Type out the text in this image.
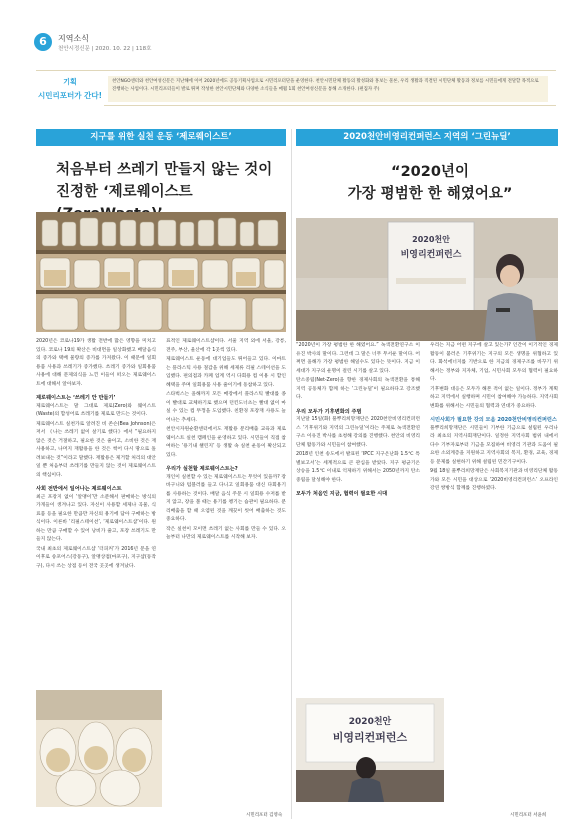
6	지역소식
천안시정신문 | 2020. 10. 22 | 118호
기획
시민리포터가 간다!
천안NGO센터와 천안여성신문은 지난해에 이어 2020년에도 공동기획사업으로 시민리포터단을 운영한다. 천안시민단체 활동의 활성화와 홍보는 물론, 우리 생활과 직결된 시민단체 활동과 정보를 시민들에게 전달할 목적으로 진행하는 사업이다. 시민리포터들이 발로 뛰며 작성한 천안시민단체와 다양한 소식들을 매월 1회 천안여성신문을 통해 소개한다. (편집자 주)
지구를 위한 실천 운동 ‘제로웨이스트’	2020천안비영리컨퍼런스 지역의 ‘그린뉴딜’
처음부터 쓰레기 만들지 않는 것이
진정한 ‘제로웨이스트
“2020년이
가장 평범한 한 해였어요”
2020천안
비영리컨퍼런스

2020년은 코로나19가 생활 전반에 많은 영향을 미치고 있다. 코로나 19의 확산은 비대면을 일상화했고 배달음식의 증가와 택배 물량의 증가를 가져왔다. 이 때문에 일회용품 사용과 쓰레기가 증가했다. 쓰레기 증가와 일회용품 사용에 대해 문제의식을 느낀 이들이 떠오는 제로웨이스트에 대해서 알아보자.

제로웨이스트는 ‘쓰레기 안 만들기’

제로웨이스트는 말 그대로 제로(Zero)와 웨이스트(Waste)의 합성어로 쓰레기를 제로로 만드는 것이다.

제로웨이스트 실천가로 알려진 비 존슨(Bea Johnson)은 저서 《나는 쓰레기 없이 살기로 했다》에서 “필요하지 않은 것은 거절하고, 필요한 것은 줄이고, 소비한 것은 재사용하고, 나머지 재활용을 한 것은 썩어 다시 땅으로 돌려보내는 것”이라고 말했다. 재활용은 제거할 처리의 대안일 뿐 처음부터 쓰레기를 만들지 않는 것이 제로웨이스트의 핵심이다.

사회 전반에서 일어나는 제로웨이스트

최근 포장지 없이 ‘알맹이’만 소분해서 판매하는 방식의 가게들이 생겨나고 있다. 자신이 사용할 세제나 곡물, 식료품 등을 필요한 만큼만 자신의 용기에 담아 구매하는 방식이다. 이른바 ‘리필스테이션’, ‘제로웨이스트샵’이다. 원하는 만큼 구매할 수 있어 낭비가 줄고, 포장 쓰레기도 만들지 않는다.

국내 최초의 제로웨이스트샵 ‘더피커’가 2016년 문을 연 이후로 송포어스(강동구), 알맹상점(마포구), 지구샵(동작구), 다시 쓰는 상점 등이 전국 곳곳에 생겨났다.

표적인 제로웨이스트샵이다. 서울 지역 외에 서울, 강릉, 전주, 부산, 울산에 각 1곳씩 있다.

제로웨이스트 운동에 대기업들도 뛰어들고 있다. 이마트는 플라스틱 사용 절감을 위해 세제류 리필 스테이션을 도입했다. 편의점과 카페 업계 역시 다회용 컵 이용 시 할인 혜택을 주며 일회용품 사용 줄이기에 동참하고 있다.

스타벅스는 올해까지 모든 매장에서 플라스틱 빨대를 종이 빨대로 교체하기로 했으며 던킨도너츠는 빨대 없이 마실 수 있는 컵 뚜껑을 도입했다. 친환경 포장재 사용도 늘어나는 추세다.

천안시자원순환센터에서도 재활용 분리배출 교육과 제로웨이스트 실천 캠페인을 운영하고 있다. 시민들이 직접 참여하는 ‘용기내 챌린지’ 등 생활 속 실천 운동이 확산되고 있다.

우리가 실천할 제로웨이스트는?

개인이 실천할 수 있는 제로웨이스트는 무엇이 있을까? 장바구니와 텀블러를 들고 다니고 일회용품 대신 다회용기를 사용하는 것이다. 배달 음식 주문 시 일회용 수저를 받지 않고, 장을 볼 때는 용기를 챙기는 습관이 필요하다. 분리배출을 할 때 오염된 것을 깨끗이 씻어 배출하는 것도 중요하다.

작은 실천이 모이면 쓰레기 없는 사회를 만들 수 있다. 오늘부터 나만의 제로웨이스트를 시작해 보자.

시민리포터 김영숙

“2020년이 가장 평범한 한 해였어요.” 녹색전환연구소 이유진 박사의 말이다. 그런데 그 말은 너무 무서운 말이다. 어쩌면 올해가 가장 평범한 해일수도 있다는 뜻이다. 지금 이 세대가 지구의 운명이 걸린 시기를 살고 있다.

탄소중립(Net-Zero)을 향한 경제사회의 녹색전환을 통해 지역 공동체가 함께 하는 ‘그린뉴딜’이 필요하다고 강조했다.

우리 모두가 기후변화의 주범

지난달 15일(화) 풀뿌리희망재단은 2020천안비영리컨퍼런스 ‘기후위기와 지역의 그린뉴딜’이라는 주제로 녹색전환연구소 이유진 박사를 초청해 강의를 진행했다. 천안의 비영리단체 활동가와 시민들이 참여했다.

2018년 인천 송도에서 발표된 ‘IPCC 지구온난화 1.5℃ 특별보고서’는 세계적으로 큰 관심을 받았다. 지구 평균기온 상승을 1.5℃ 이내로 억제하기 위해서는 2050년까지 탄소중립을 달성해야 한다.

모두가 처음인 지금, 협력이 필요한 시대
2020천안
비영리컨퍼런스

우리는 지금 어떤 지구에 살고 있는가? 인간이 이기적인 경제활동이 불러온 기후위기는 지구의 모든 생명을 위협하고 있다. 화석에너지를 기반으로 한 지금의 경제구조를 바꾸기 위해서는 정부와 지자체, 기업, 시민사회 모두의 협력이 필요하다.

기후변화 대응은 모두가 해본 적이 없는 일이다. 정부가 계획하고 지역에서 실행하며 시민이 참여해야 가능하다. 지역사회 변화를 위해서는 시민들의 협력과 연대가 중요하다.

시민사회가 필요한 강의 모음 2020천안비영리컨퍼런스

풀뿌리희망재단은 시민들이 기부한 기금으로 설립된 우리나라 최초의 지역사회재단이다. 일정한 지역사회 범위 내에서 다수 기부자로부터 기금을 모집하여 비영리 기관과 도움이 필요한 소외계층을 지원하고 지역사회의 복지, 환경, 교육, 경제 등 문제를 실현하기 위해 설립된 민간기구이다.

9월 18일 풀뿌리희망재단은 사회복지기관과 비영리단체 활동가와 모든 시민을 대상으로 ‘2020비영리컨퍼런스’ 오프라인 강연 쌍방식 함께를 진행하였다.

시민리포터 서윤희
